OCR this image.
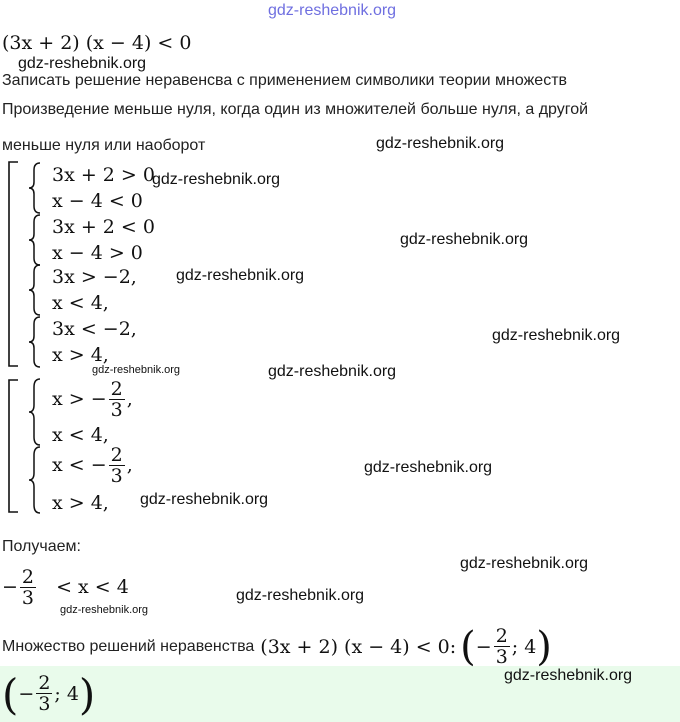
gdz-reshebnik.org
(3x + 2) (x − 4) < 0
gdz-reshebnik.org
Записать решение неравенсва с применением символики теории множеств
Произведение меньше нуля, когда один из множителей больше нуля, а другой
меньше нуля или наоборот	gdz-reshebnik.org
3x + 2 > 0
x − 4 < 0
gdz-reshebnik.org
3x + 2 < 0
x − 4 > 0
gdz-reshebnik.org
3x > −2,
x < 4,
gdz-reshebnik.org
3x < −2,
x > 4,
gdz-reshebnik.org
gdz-reshebnik.org	gdz-reshebnik.org
x > − $\frac{2}{3}$ ,
x < 4,
x < − $\frac{2}{3}$ ,
x > 4,
gdz-reshebnik.org
gdz-reshebnik.org
Получаем:
gdz-reshebnik.org
− $\frac{2}{3} < x < 4$
gdz-reshebnik.org
gdz-reshebnik.org
Множество решений неравенства (3x + 2) (x − 4) < 0: ( − $\frac{2}{3}$ ; 4 )
( − $\frac{2}{3}$ ; 4 )	gdz-reshebnik.org
